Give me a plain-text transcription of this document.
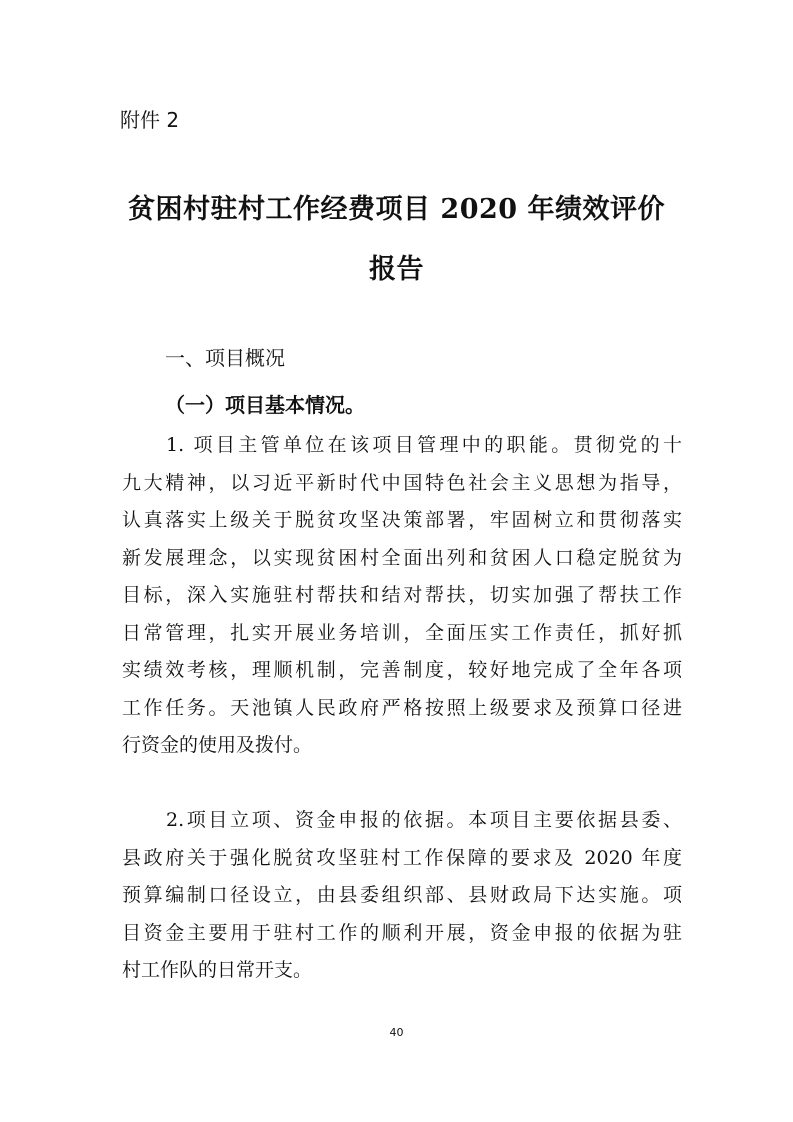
附件 2
贫困村驻村工作经费项目 2020 年绩效评价
报告
一、项目概况
（一）项目基本情况。
1. 项目主管单位在该项目管理中的职能。贯彻党的十
九大精神，以习近平新时代中国特色社会主义思想为指导，
认真落实上级关于脱贫攻坚决策部署，牢固树立和贯彻落实
新发展理念，以实现贫困村全面出列和贫困人口稳定脱贫为
目标，深入实施驻村帮扶和结对帮扶，切实加强了帮扶工作
日常管理，扎实开展业务培训，全面压实工作责任，抓好抓
实绩效考核，理顺机制，完善制度，较好地完成了全年各项
工作任务。天池镇人民政府严格按照上级要求及预算口径进
行资金的使用及拨付。
2.项目立项、资金申报的依据。本项目主要依据县委、
县政府关于强化脱贫攻坚驻村工作保障的要求及 2020 年度
预算编制口径设立，由县委组织部、县财政局下达实施。项
目资金主要用于驻村工作的顺利开展，资金申报的依据为驻
村工作队的日常开支。
40
